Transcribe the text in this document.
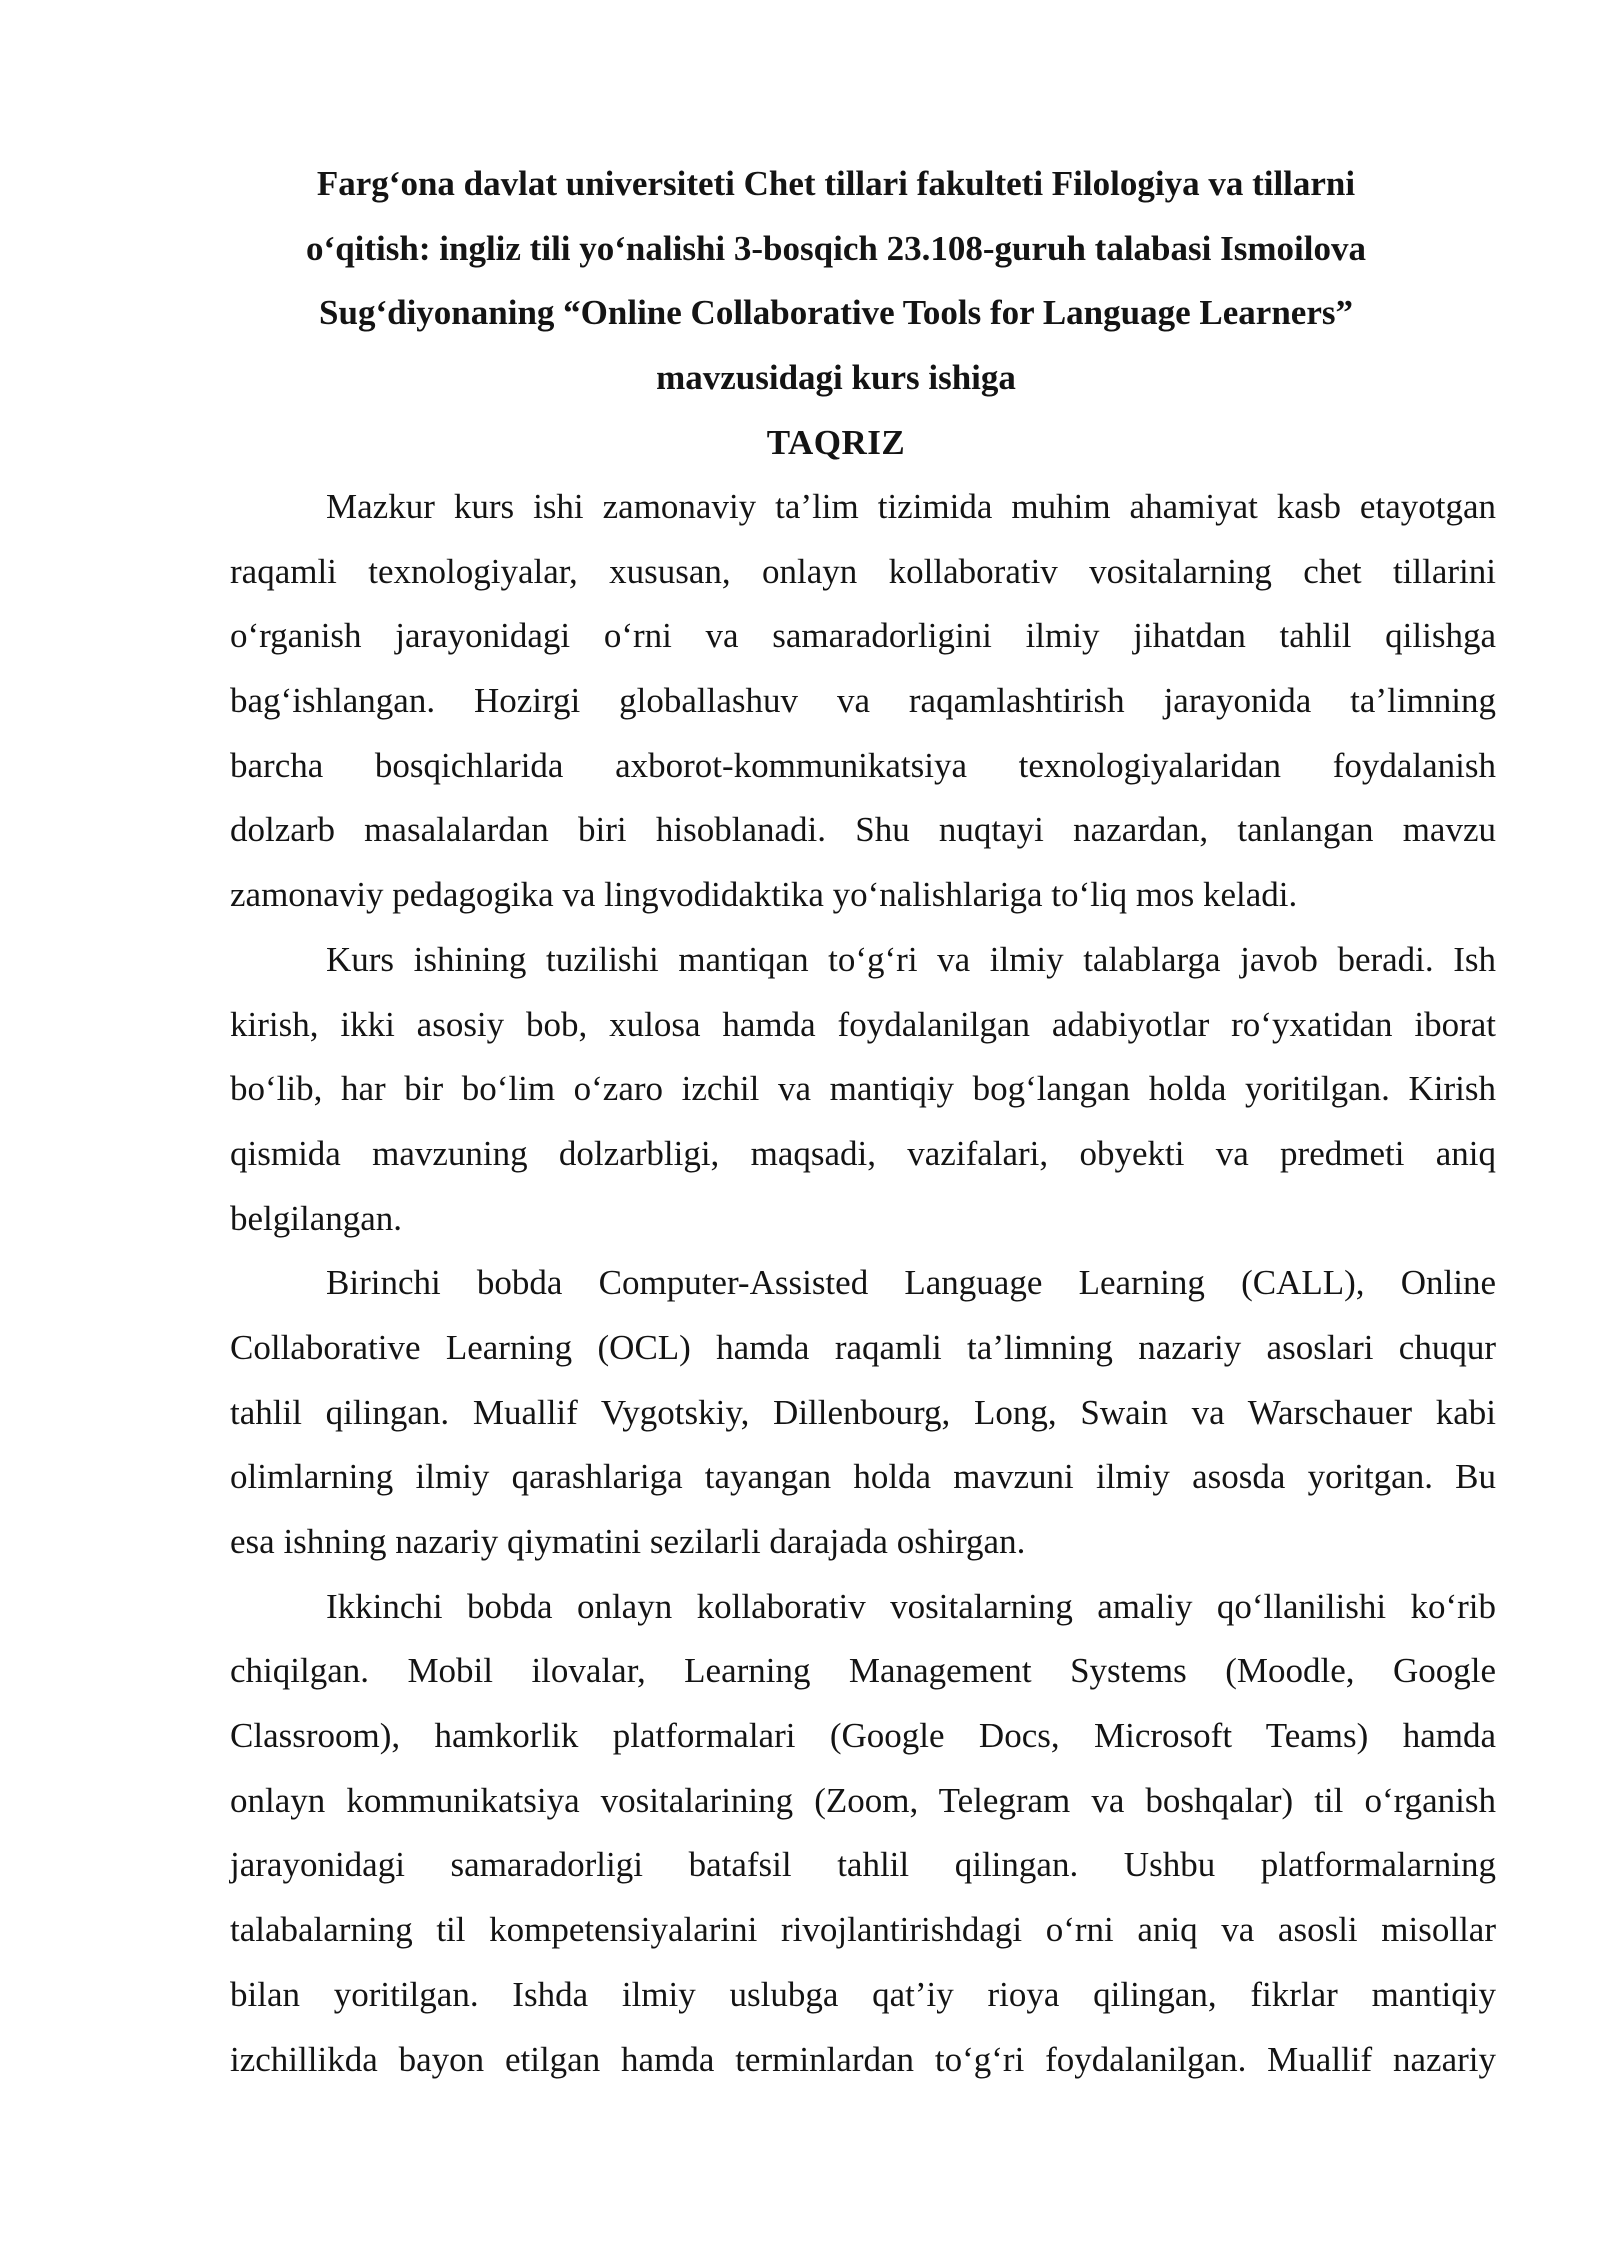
Farg‘ona davlat universiteti Chet tillari fakulteti Filologiya va tillarni
o‘qitish: ingliz tili yo‘nalishi 3-bosqich 23.108-guruh talabasi Ismoilova
Sug‘diyonaning “Online Collaborative Tools for Language Learners”
mavzusidagi kurs ishiga
TAQRIZ
Mazkur kurs ishi zamonaviy ta’lim tizimida muhim ahamiyat kasb etayotgan
raqamli texnologiyalar, xususan, onlayn kollaborativ vositalarning chet tillarini
o‘rganish jarayonidagi o‘rni va samaradorligini ilmiy jihatdan tahlil qilishga
bag‘ishlangan. Hozirgi globallashuv va raqamlashtirish jarayonida ta’limning
barcha bosqichlarida axborot-kommunikatsiya texnologiyalaridan foydalanish
dolzarb masalalardan biri hisoblanadi. Shu nuqtayi nazardan, tanlangan mavzu
zamonaviy pedagogika va lingvodidaktika yo‘nalishlariga to‘liq mos keladi.
Kurs ishining tuzilishi mantiqan to‘g‘ri va ilmiy talablarga javob beradi. Ish
kirish, ikki asosiy bob, xulosa hamda foydalanilgan adabiyotlar ro‘yxatidan iborat
bo‘lib, har bir bo‘lim o‘zaro izchil va mantiqiy bog‘langan holda yoritilgan. Kirish
qismida mavzuning dolzarbligi, maqsadi, vazifalari, obyekti va predmeti aniq
belgilangan.
Birinchi bobda Computer-Assisted Language Learning (CALL), Online
Collaborative Learning (OCL) hamda raqamli ta’limning nazariy asoslari chuqur
tahlil qilingan. Muallif Vygotskiy, Dillenbourg, Long, Swain va Warschauer kabi
olimlarning ilmiy qarashlariga tayangan holda mavzuni ilmiy asosda yoritgan. Bu
esa ishning nazariy qiymatini sezilarli darajada oshirgan.
Ikkinchi bobda onlayn kollaborativ vositalarning amaliy qo‘llanilishi ko‘rib
chiqilgan. Mobil ilovalar, Learning Management Systems (Moodle, Google
Classroom), hamkorlik platformalari (Google Docs, Microsoft Teams) hamda
onlayn kommunikatsiya vositalarining (Zoom, Telegram va boshqalar) til o‘rganish
jarayonidagi samaradorligi batafsil tahlil qilingan. Ushbu platformalarning
talabalarning til kompetensiyalarini rivojlantirishdagi o‘rni aniq va asosli misollar
bilan yoritilgan. Ishda ilmiy uslubga qat’iy rioya qilingan, fikrlar mantiqiy
izchillikda bayon etilgan hamda terminlardan to‘g‘ri foydalanilgan. Muallif nazariy
